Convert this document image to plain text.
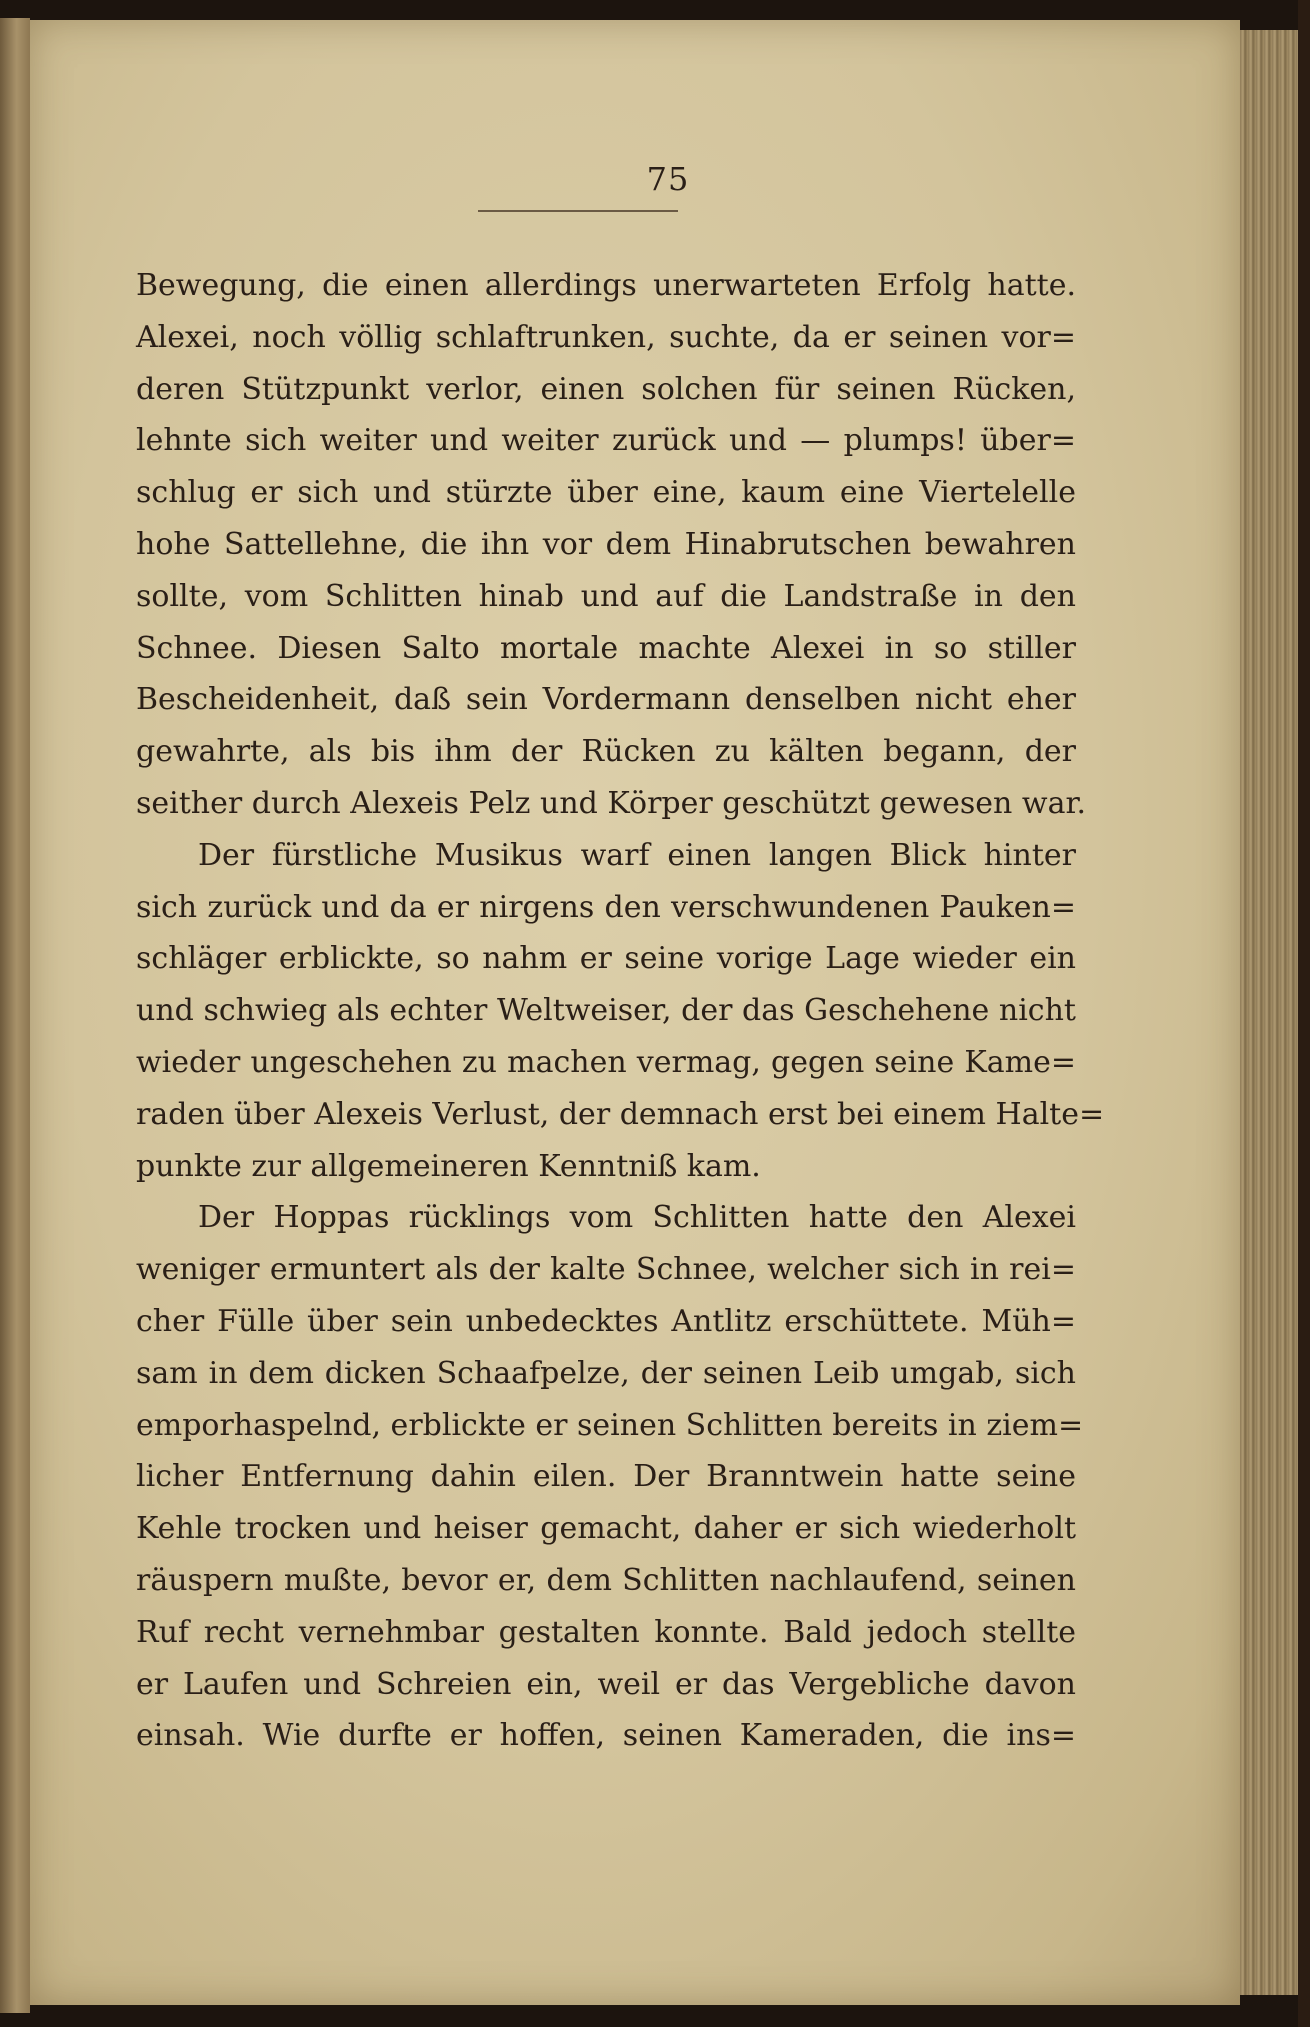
75
Bewegung, die einen allerdings unerwarteten Erfolg hatte.
Alexei, noch völlig schlaftrunken, suchte, da er seinen vor=
deren Stützpunkt verlor, einen solchen für seinen Rücken,
lehnte sich weiter und weiter zurück und — plumps! über=
schlug er sich und stürzte über eine, kaum eine Viertelelle
hohe Sattellehne, die ihn vor dem Hinabrutschen bewahren
sollte, vom Schlitten hinab und auf die Landstraße in den
Schnee. Diesen Salto mortale machte Alexei in so stiller
Bescheidenheit, daß sein Vordermann denselben nicht eher
gewahrte, als bis ihm der Rücken zu kälten begann, der
seither durch Alexeis Pelz und Körper geschützt gewesen war.
Der fürstliche Musikus warf einen langen Blick hinter
sich zurück und da er nirgens den verschwundenen Pauken=
schläger erblickte, so nahm er seine vorige Lage wieder ein
und schwieg als echter Weltweiser, der das Geschehene nicht
wieder ungeschehen zu machen vermag, gegen seine Kame=
raden über Alexeis Verlust, der demnach erst bei einem Halte=
punkte zur allgemeineren Kenntniß kam.
Der Hoppas rücklings vom Schlitten hatte den Alexei
weniger ermuntert als der kalte Schnee, welcher sich in rei=
cher Fülle über sein unbedecktes Antlitz erschüttete. Müh=
sam in dem dicken Schaafpelze, der seinen Leib umgab, sich
emporhaspelnd, erblickte er seinen Schlitten bereits in ziem=
licher Entfernung dahin eilen. Der Branntwein hatte seine
Kehle trocken und heiser gemacht, daher er sich wiederholt
räuspern mußte, bevor er, dem Schlitten nachlaufend, seinen
Ruf recht vernehmbar gestalten konnte. Bald jedoch stellte
er Laufen und Schreien ein, weil er das Vergebliche davon
einsah. Wie durfte er hoffen, seinen Kameraden, die ins=
